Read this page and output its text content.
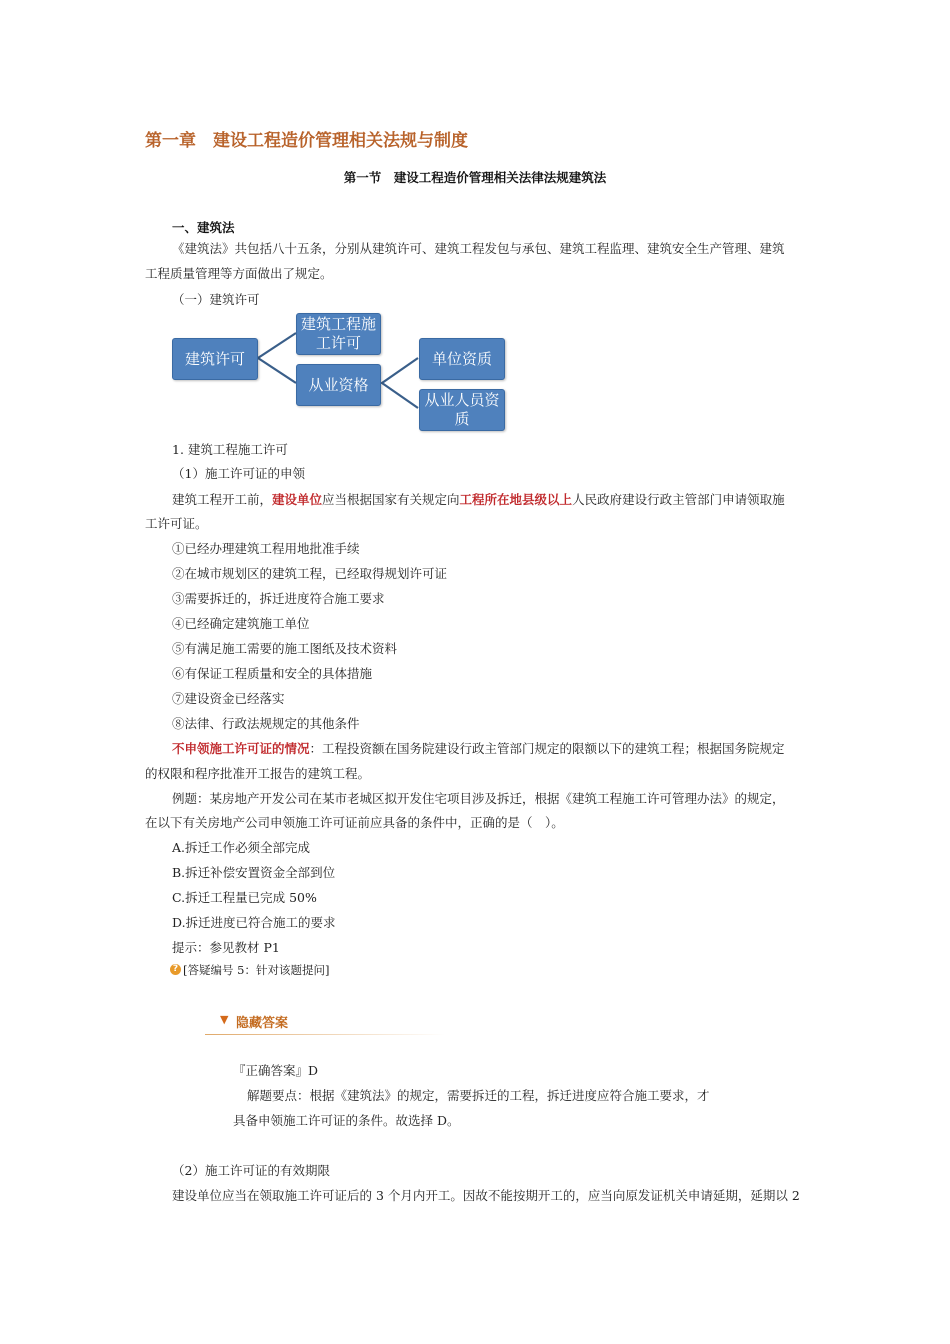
第一章　建设工程造价管理相关法规与制度
第一节　建设工程造价管理相关法律法规建筑法
一、建筑法
《建筑法》共包括八十五条，分别从建筑许可、建筑工程发包与承包、建筑工程监理、建筑安全生产管理、建筑
工程质量管理等方面做出了规定。
（一）建筑许可
建筑许可
建筑工程施
工许可
从业资格
单位资质
从业人员资
质
1. 建筑工程施工许可
（1）施工许可证的申领
建筑工程开工前，建设单位应当根据国家有关规定向工程所在地县级以上人民政府建设行政主管部门申请领取施
工许可证。
①已经办理建筑工程用地批准手续
②在城市规划区的建筑工程，已经取得规划许可证
③需要拆迁的，拆迁进度符合施工要求
④已经确定建筑施工单位
⑤有满足施工需要的施工图纸及技术资料
⑥有保证工程质量和安全的具体措施
⑦建设资金已经落实
⑧法律、行政法规规定的其他条件
不申领施工许可证的情况：工程投资额在国务院建设行政主管部门规定的限额以下的建筑工程；根据国务院规定
的权限和程序批准开工报告的建筑工程。
例题：某房地产开发公司在某市老城区拟开发住宅项目涉及拆迁，根据《建筑工程施工许可管理办法》的规定，
在以下有关房地产公司申领施工许可证前应具备的条件中，正确的是（　）。
A.拆迁工作必须全部完成
B.拆迁补偿安置资金全部到位
C.拆迁工程量已完成 50%
D.拆迁进度已符合施工的要求
提示：参见教材 P1
? [答疑编号 5：针对该题提问]
▼ 隐藏答案
『正确答案』D
解题要点：根据《建筑法》的规定，需要拆迁的工程，拆迁进度应符合施工要求，才
具备申领施工许可证的条件。故选择 D。
（2）施工许可证的有效期限
建设单位应当在领取施工许可证后的 3 个月内开工。因故不能按期开工的，应当向原发证机关申请延期，延期以 2
